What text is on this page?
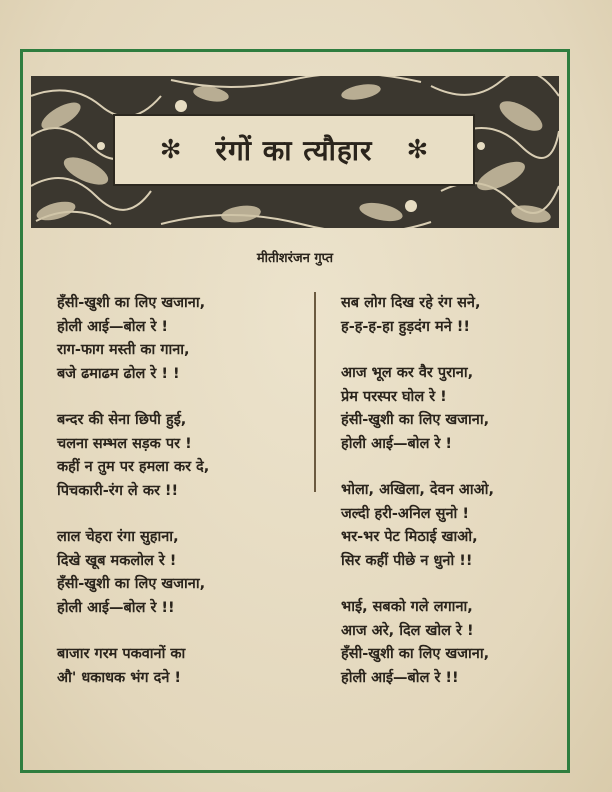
✻ रंगों का त्यौहार ✻
मीतीशरंजन गुप्त
हँसी-खुशी का लिए खजाना,
होली आई—बोल रे !
राग-फाग मस्ती का गाना,
बजे ढमाढम ढोल रे ! !
बन्दर की सेना छिपी हुई,
चलना सम्भल सड़क पर !
कहीं न तुम पर हमला कर दे,
पिचकारी-रंग ले कर !!
लाल चेहरा रंगा सुहाना,
दिखे खूब मकलोल रे !
हँसी-खुशी का लिए खजाना,
होली आई—बोल रे !!
बाजार गरम पकवानों का
औ' धकाधक भंग दने !
सब लोग दिख रहे रंग सने,
ह-ह-ह-हा हुड़दंग मने !!
आज भूल कर वैर पुराना,
प्रेम परस्पर घोल रे !
हंसी-खुशी का लिए खजाना,
होली आई—बोल रे !
भोला, अखिला, देवन आओ,
जल्दी हरी-अनिल सुनो !
भर-भर पेट मिठाई खाओ,
सिर कहीं पीछे न धुनो !!
भाई, सबको गले लगाना,
आज अरे, दिल खोल रे !
हँसी-खुशी का लिए खजाना,
होली आई—बोल रे !!
